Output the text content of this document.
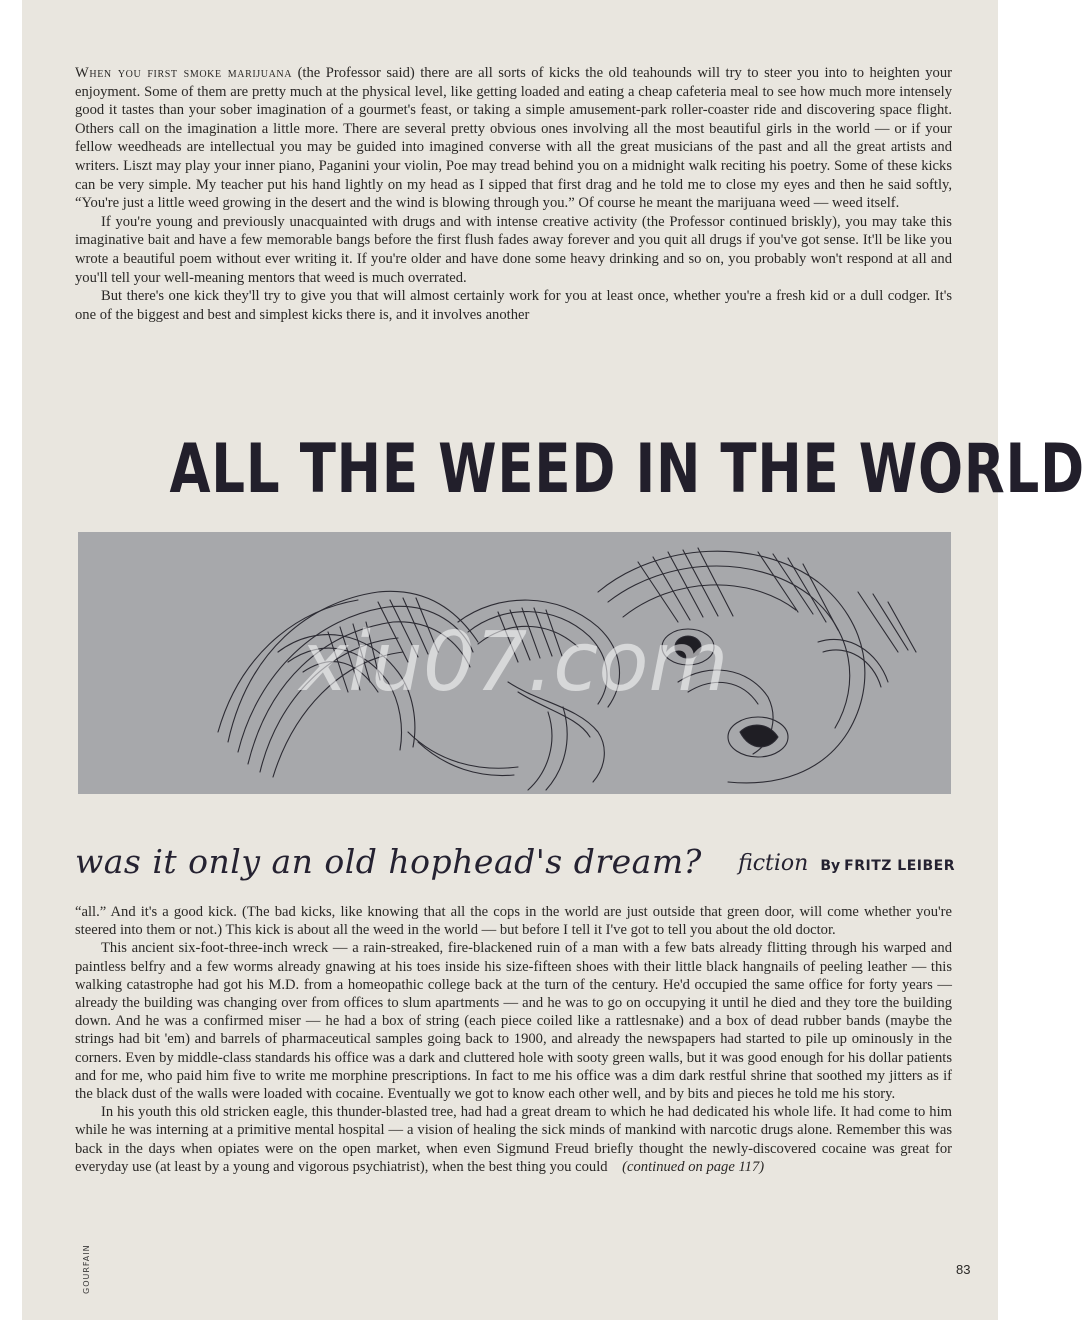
When you first smoke marijuana (the Professor said) there are all sorts of kicks the old teahounds will try to steer you into to heighten your enjoyment. Some of them are pretty much at the physical level, like getting loaded and eating a cheap cafeteria meal to see how much more intensely good it tastes than your sober imagination of a gourmet's feast, or taking a simple amusement-park roller-coaster ride and discovering space flight. Others call on the imagination a little more. There are several pretty obvious ones involving all the most beautiful girls in the world — or if your fellow weedheads are intellectual you may be guided into imagined converse with all the great musicians of the past and all the great artists and writers. Liszt may play your inner piano, Paganini your violin, Poe may tread behind you on a midnight walk reciting his poetry. Some of these kicks can be very simple. My teacher put his hand lightly on my head as I sipped that first drag and he told me to close my eyes and then he said softly, “You're just a little weed growing in the desert and the wind is blowing through you.” Of course he meant the marijuana weed — weed itself.

If you're young and previously unacquainted with drugs and with intense creative activity (the Professor continued briskly), you may take this imaginative bait and have a few memorable bangs before the first flush fades away forever and you quit all drugs if you've got sense. It'll be like you wrote a beautiful poem without ever writing it. If you're older and have done some heavy drinking and so on, you probably won't respond at all and you'll tell your well-meaning mentors that weed is much overrated.

But there's one kick they'll try to give you that will almost certainly work for you at least once, whether you're a fresh kid or a dull codger. It's one of the biggest and best and simplest kicks there is, and it involves another

ALL THE WEED IN THE WORLD
xiu07.com
GOURFAIN
was it only an old hophead's dream? fiction By FRITZ LEIBER

“all.” And it's a good kick. (The bad kicks, like knowing that all the cops in the world are just outside that green door, will come whether you're steered into them or not.) This kick is about all the weed in the world — but before I tell it I've got to tell you about the old doctor.

This ancient six-foot-three-inch wreck — a rain-streaked, fire-blackened ruin of a man with a few bats already flitting through his warped and paintless belfry and a few worms already gnawing at his toes inside his size-fifteen shoes with their little black hangnails of peeling leather — this walking catastrophe had got his M.D. from a homeopathic college back at the turn of the century. He'd occupied the same office for forty years — already the building was changing over from offices to slum apartments — and he was to go on occupying it until he died and they tore the building down. And he was a confirmed miser — he had a box of string (each piece coiled like a rattlesnake) and a box of dead rubber bands (maybe the strings had bit 'em) and barrels of pharmaceutical samples going back to 1900, and already the newspapers had started to pile up ominously in the corners. Even by middle-class standards his office was a dark and cluttered hole with sooty green walls, but it was good enough for his dollar patients and for me, who paid him five to write me morphine prescriptions. In fact to me his office was a dim dark restful shrine that soothed my jitters as if the black dust of the walls were loaded with cocaine. Eventually we got to know each other well, and by bits and pieces he told me his story.

In his youth this old stricken eagle, this thunder-blasted tree, had had a great dream to which he had dedicated his whole life. It had come to him while he was interning at a primitive mental hospital — a vision of healing the sick minds of mankind with narcotic drugs alone. Remember this was back in the days when opiates were on the open market, when even Sigmund Freud briefly thought the newly-discovered cocaine was great for everyday use (at least by a young and vigorous psychiatrist), when the best thing you could (continued on page 117)

83
